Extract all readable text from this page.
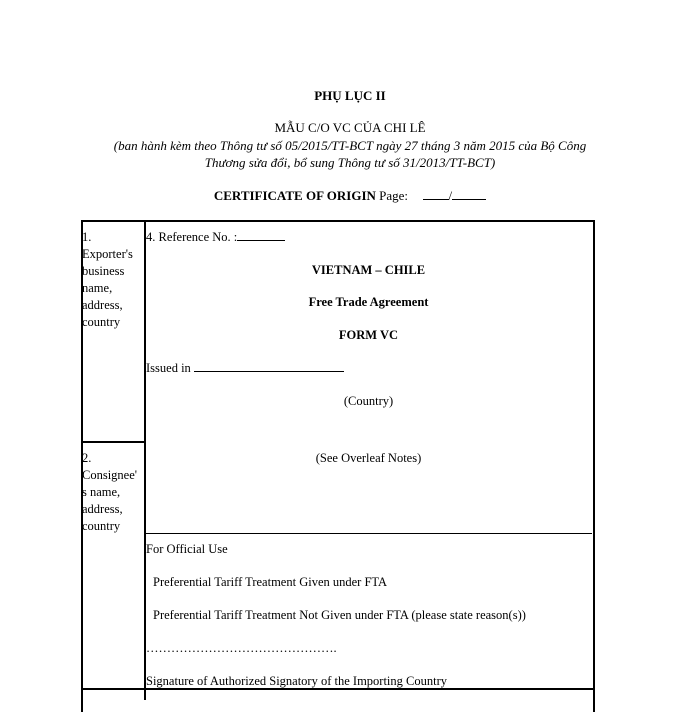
PHỤ LỤC II
MẪU C/O VC CỦA CHI LÊ
(ban hành kèm theo Thông tư số 05/2015/TT-BCT ngày 27 tháng 3 năm 2015 của Bộ Công
Thương sửa đổi, bổ sung Thông tư số 31/2013/TT-BCT)
CERTIFICATE OF ORIGIN Page:	/
1.
Exporter's
business
name,
address,
country
2.
Consignee'
s name,
address,
country
4. Reference No. :
VIETNAM – CHILE
Free Trade Agreement
FORM VC
Issued in
(Country)
(See Overleaf Notes)
For Official Use
Preferential Tariff Treatment Given under FTA
Preferential Tariff Treatment Not Given under FTA (please state reason(s))
……………………………………….
Signature of Authorized Signatory of the Importing Country
